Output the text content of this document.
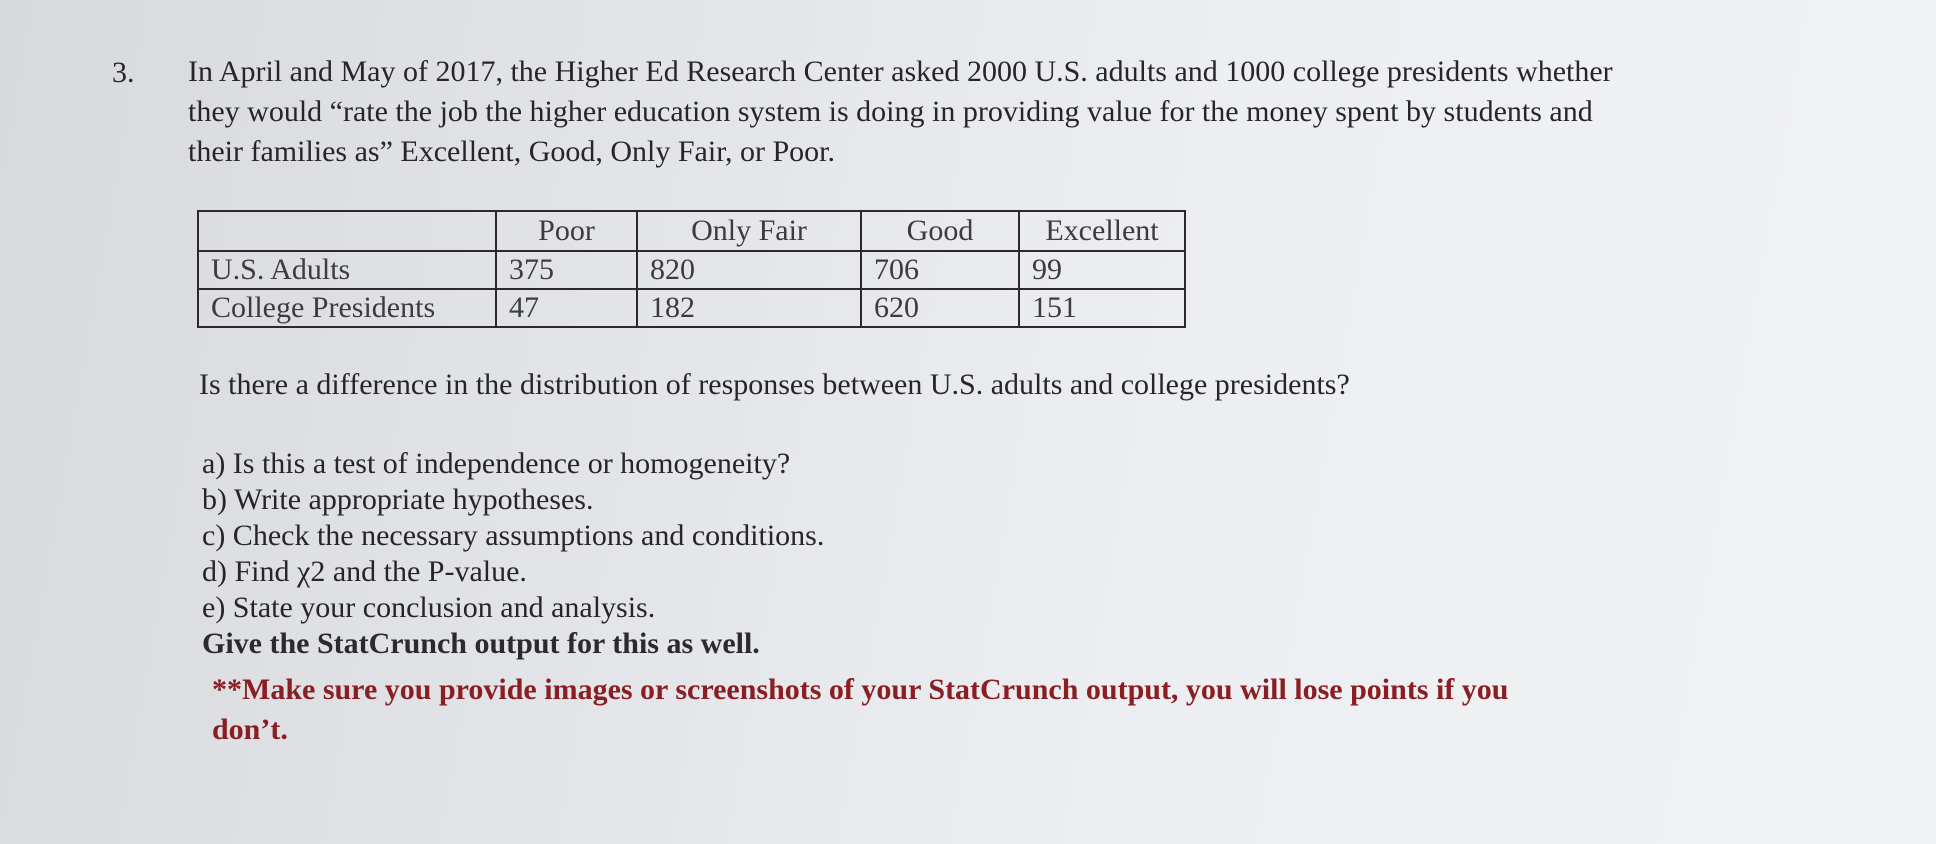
3. In April and May of 2017, the Higher Ed Research Center asked 2000 U.S. adults and 1000 college presidents whether
they would “rate the job the higher education system is doing in providing value for the money spent by students and
their families as” Excellent, Good, Only Fair, or Poor.
	Poor	Only Fair	Good	Excellent
U.S. Adults	375	820	706	99
College Presidents	47	182	620	151
Is there a difference in the distribution of responses between U.S. adults and college presidents?
a) Is this a test of independence or homogeneity?
b) Write appropriate hypotheses.
c) Check the necessary assumptions and conditions.
d) Find χ2 and the P-value.
e) State your conclusion and analysis.
Give the StatCrunch output for this as well.
**Make sure you provide images or screenshots of your StatCrunch output, you will lose points if you
don’t.
